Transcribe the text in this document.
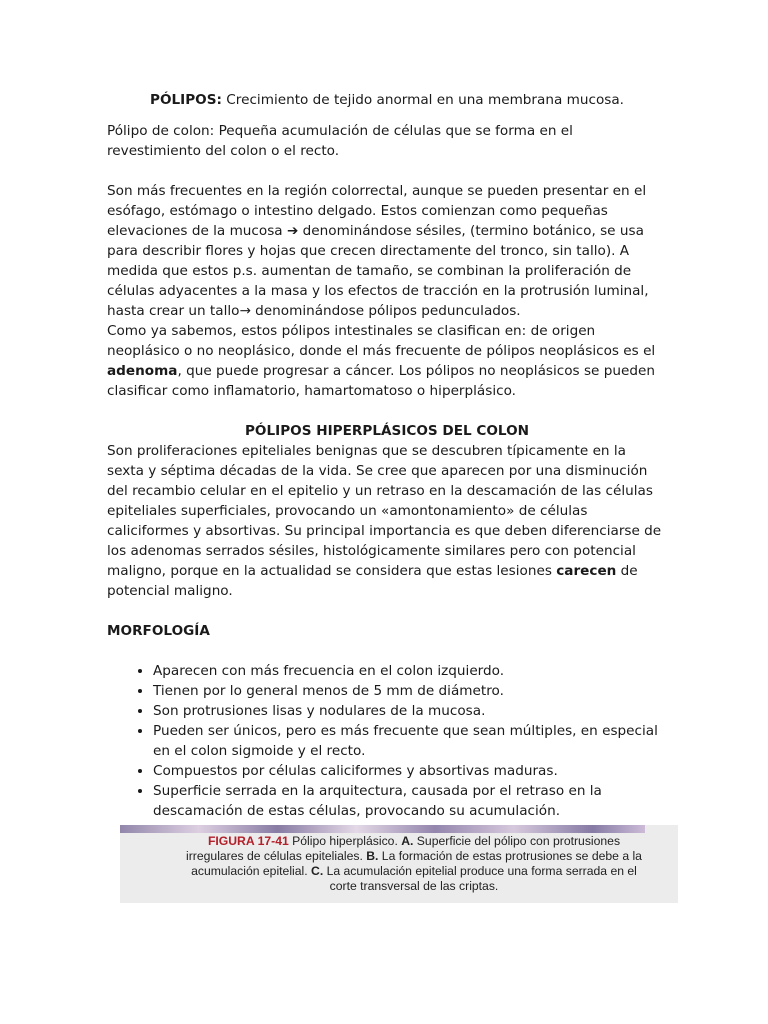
PÓLIPOS: Crecimiento de tejido anormal en una membrana mucosa.

Pólipo de colon: Pequeña acumulación de células que se forma en el revestimiento del colon o el recto.

Son más frecuentes en la región colorrectal, aunque se pueden presentar en el esófago, estómago o intestino delgado. Estos comienzan como pequeñas elevaciones de la mucosa ➔ denominándose sésiles, (termino botánico, se usa para describir flores y hojas que crecen directamente del tronco, sin tallo). A medida que estos p.s. aumentan de tamaño, se combinan la proliferación de células adyacentes a la masa y los efectos de tracción en la protrusión luminal, hasta crear un tallo→ denominándose pólipos pedunculados.

Como ya sabemos, estos pólipos intestinales se clasifican en: de origen neoplásico o no neoplásico, donde el más frecuente de pólipos neoplásicos es el adenoma, que puede progresar a cáncer. Los pólipos no neoplásicos se pueden clasificar como inflamatorio, hamartomatoso o hiperplásico.

PÓLIPOS HIPERPLÁSICOS DEL COLON

Son proliferaciones epiteliales benignas que se descubren típicamente en la sexta y séptima décadas de la vida. Se cree que aparecen por una disminución del recambio celular en el epitelio y un retraso en la descamación de las células epiteliales superficiales, provocando un «amontonamiento» de células caliciformes y absortivas. Su principal importancia es que deben diferenciarse de los adenomas serrados sésiles, histológicamente similares pero con potencial maligno, porque en la actualidad se considera que estas lesiones carecen de potencial maligno.

MORFOLOGÍA

• Aparecen con más frecuencia en el colon izquierdo.
• Tienen por lo general menos de 5 mm de diámetro.
• Son protrusiones lisas y nodulares de la mucosa.
• Pueden ser únicos, pero es más frecuente que sean múltiples, en especial en el colon sigmoide y el recto.
• Compuestos por células caliciformes y absortivas maduras.
• Superficie serrada en la arquitectura, causada por el retraso en la descamación de estas células, provocando su acumulación.
FIGURA 17-41 Pólipo hiperplásico. A. Superficie del pólipo con protrusiones irregulares de células epiteliales. B. La formación de estas protrusiones se debe a la acumulación epitelial. C. La acumulación epitelial produce una forma serrada en el corte transversal de las criptas.
